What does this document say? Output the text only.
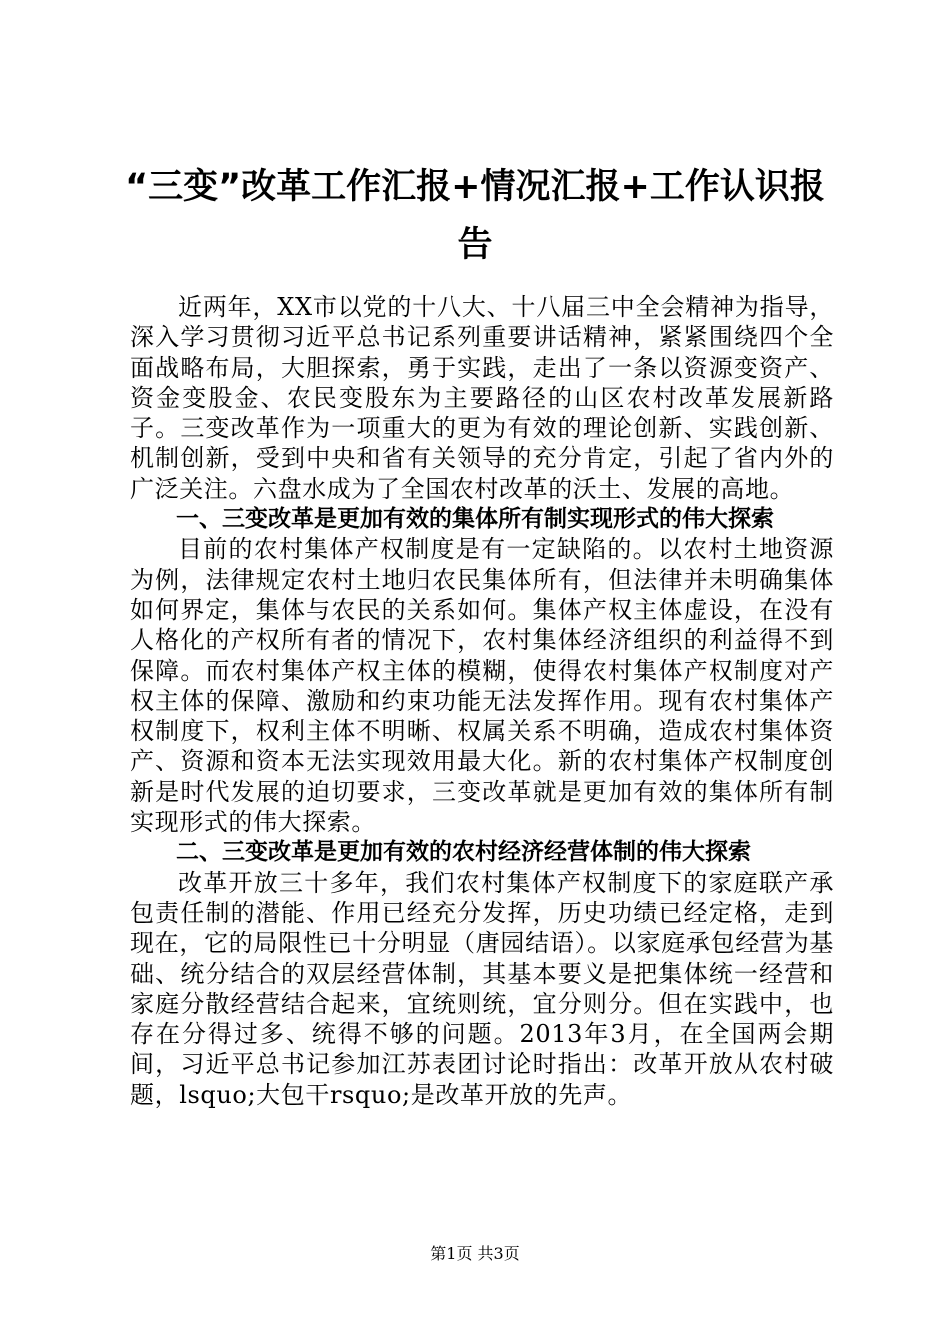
“三变”改革工作汇报+情况汇报+工作认识报告

近两年，XX市以党的十八大、十八届三中全会精神为指导，深入学习贯彻习近平总书记系列重要讲话精神，紧紧围绕四个全面战略布局，大胆探索，勇于实践，走出了一条以资源变资产、资金变股金、农民变股东为主要路径的山区农村改革发展新路子。三变改革作为一项重大的更为有效的理论创新、实践创新、机制创新，受到中央和省有关领导的充分肯定，引起了省内外的广泛关注。六盘水成为了全国农村改革的沃土、发展的高地。

一、三变改革是更加有效的集体所有制实现形式的伟大探索

目前的农村集体产权制度是有一定缺陷的。以农村土地资源为例，法律规定农村土地归农民集体所有，但法律并未明确集体如何界定，集体与农民的关系如何。集体产权主体虚设，在没有人格化的产权所有者的情况下，农村集体经济组织的利益得不到保障。而农村集体产权主体的模糊，使得农村集体产权制度对产权主体的保障、激励和约束功能无法发挥作用。现有农村集体产权制度下，权利主体不明晰、权属关系不明确，造成农村集体资产、资源和资本无法实现效用最大化。新的农村集体产权制度创新是时代发展的迫切要求，三变改革就是更加有效的集体所有制实现形式的伟大探索。

二、三变改革是更加有效的农村经济经营体制的伟大探索

改革开放三十多年，我们农村集体产权制度下的家庭联产承包责任制的潜能、作用已经充分发挥，历史功绩已经定格，走到现在，它的局限性已十分明显（唐园结语）。以家庭承包经营为基础、统分结合的双层经营体制，其基本要义是把集体统一经营和家庭分散经营结合起来，宜统则统，宜分则分。但在实践中，也存在分得过多、统得不够的问题。2013年3月，在全国两会期间，习近平总书记参加江苏表团讨论时指出：改革开放从农村破题，lsquo;大包干rsquo;是改革开放的先声。

第1页 共3页
